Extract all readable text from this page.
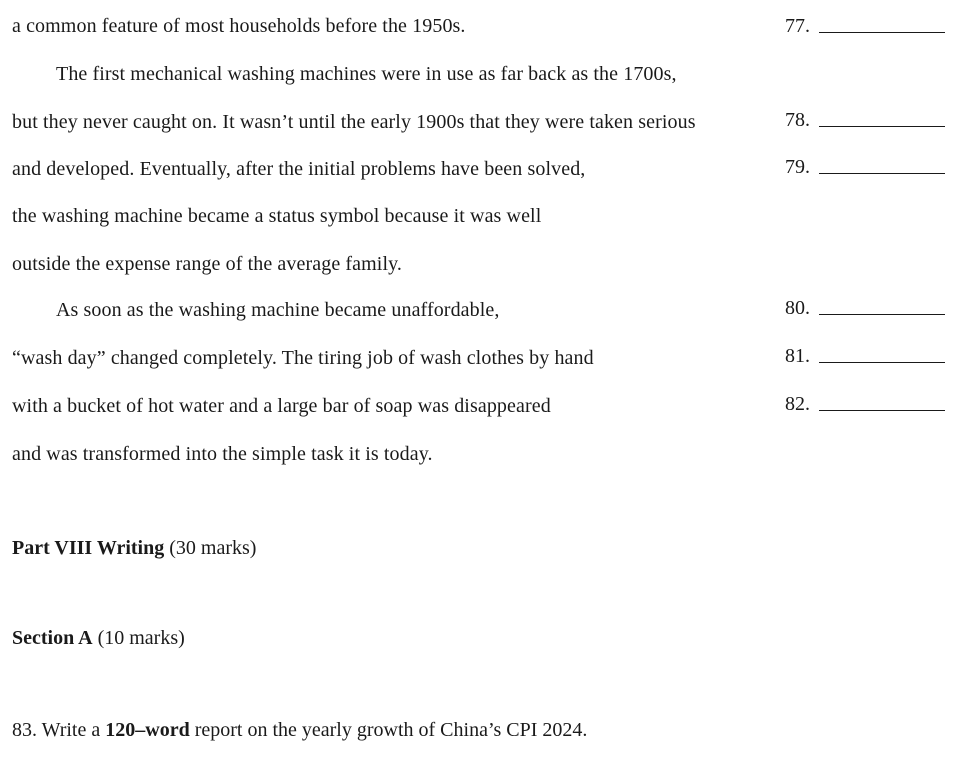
a common feature of most households before the 1950s.
The first mechanical washing machines were in use as far back as the 1700s,
but they never caught on. It wasn’t until the early 1900s that they were taken serious
and developed. Eventually, after the initial problems have been solved,
the washing machine became a status symbol because it was well
outside the expense range of the average family.
As soon as the washing machine became unaffordable,
“wash day” changed completely. The tiring job of wash clothes by hand
with a bucket of hot water and a large bar of soap was disappeared
and was transformed into the simple task it is today.
77.
78.
79.
80.
81.
82.
Part VIII Writing (30 marks)
Section A (10 marks)
83. Write a 120–word report on the yearly growth of China’s CPI 2024.
